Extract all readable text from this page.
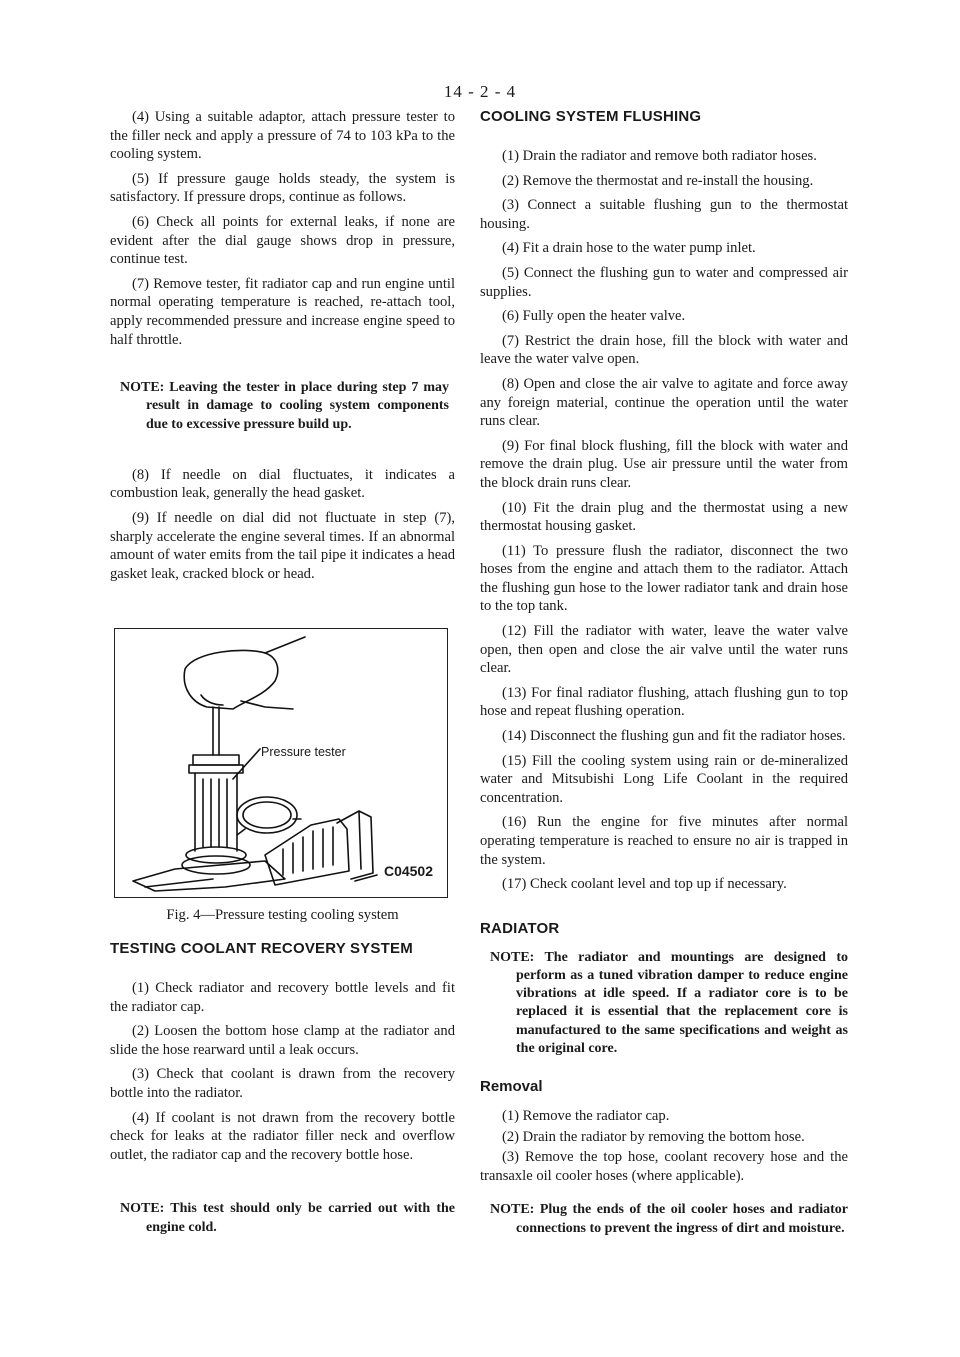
14 - 2 - 4

(4) Using a suitable adaptor, attach pressure tester to the filler neck and apply a pressure of 74 to 103 kPa to the cooling system.

(5) If pressure gauge holds steady, the system is satisfactory. If pressure drops, continue as follows.

(6) Check all points for external leaks, if none are evident after the dial gauge shows drop in pressure, continue test.

(7) Remove tester, fit radiator cap and run engine until normal operating temperature is reached, re-attach tool, apply recommended pressure and increase engine speed to half throttle.

NOTE: Leaving the tester in place during step 7 may result in damage to cooling system components due to excessive pressure build up.

(8) If needle on dial fluctuates, it indicates a combustion leak, generally the head gasket.

(9) If needle on dial did not fluctuate in step (7), sharply accelerate the engine several times. If an abnormal amount of water emits from the tail pipe it indicates a head gasket leak, cracked block or head.

Pressure tester
C04502

Fig. 4—Pressure testing cooling system

TESTING COOLANT RECOVERY SYSTEM

(1) Check radiator and recovery bottle levels and fit the radiator cap.

(2) Loosen the bottom hose clamp at the radiator and slide the hose rearward until a leak occurs.

(3) Check that coolant is drawn from the recovery bottle into the radiator.

(4) If coolant is not drawn from the recovery bottle check for leaks at the radiator filler neck and overflow outlet, the radiator cap and the recovery bottle hose.

NOTE: This test should only be carried out with the engine cold.

COOLING SYSTEM FLUSHING

(1) Drain the radiator and remove both radiator hoses.

(2) Remove the thermostat and re-install the housing.

(3) Connect a suitable flushing gun to the thermostat housing.

(4) Fit a drain hose to the water pump inlet.

(5) Connect the flushing gun to water and compressed air supplies.

(6) Fully open the heater valve.

(7) Restrict the drain hose, fill the block with water and leave the water valve open.

(8) Open and close the air valve to agitate and force away any foreign material, continue the operation until the water runs clear.

(9) For final block flushing, fill the block with water and remove the drain plug. Use air pressure until the water from the block drain runs clear.

(10) Fit the drain plug and the thermostat using a new thermostat housing gasket.

(11) To pressure flush the radiator, disconnect the two hoses from the engine and attach them to the radiator. Attach the flushing gun hose to the lower radiator tank and drain hose to the top tank.

(12) Fill the radiator with water, leave the water valve open, then open and close the air valve until the water runs clear.

(13) For final radiator flushing, attach flushing gun to top hose and repeat flushing operation.

(14) Disconnect the flushing gun and fit the radiator hoses.

(15) Fill the cooling system using rain or de-mineralized water and Mitsubishi Long Life Coolant in the required concentration.

(16) Run the engine for five minutes after normal operating temperature is reached to ensure no air is trapped in the system.

(17) Check coolant level and top up if necessary.

RADIATOR

NOTE: The radiator and mountings are designed to perform as a tuned vibration damper to reduce engine vibrations at idle speed. If a radiator core is to be replaced it is essential that the replacement core is manufactured to the same specifications and weight as the original core.

Removal

(1) Remove the radiator cap.

(2) Drain the radiator by removing the bottom hose.

(3) Remove the top hose, coolant recovery hose and the transaxle oil cooler hoses (where applicable).

NOTE: Plug the ends of the oil cooler hoses and radiator connections to prevent the ingress of dirt and moisture.
